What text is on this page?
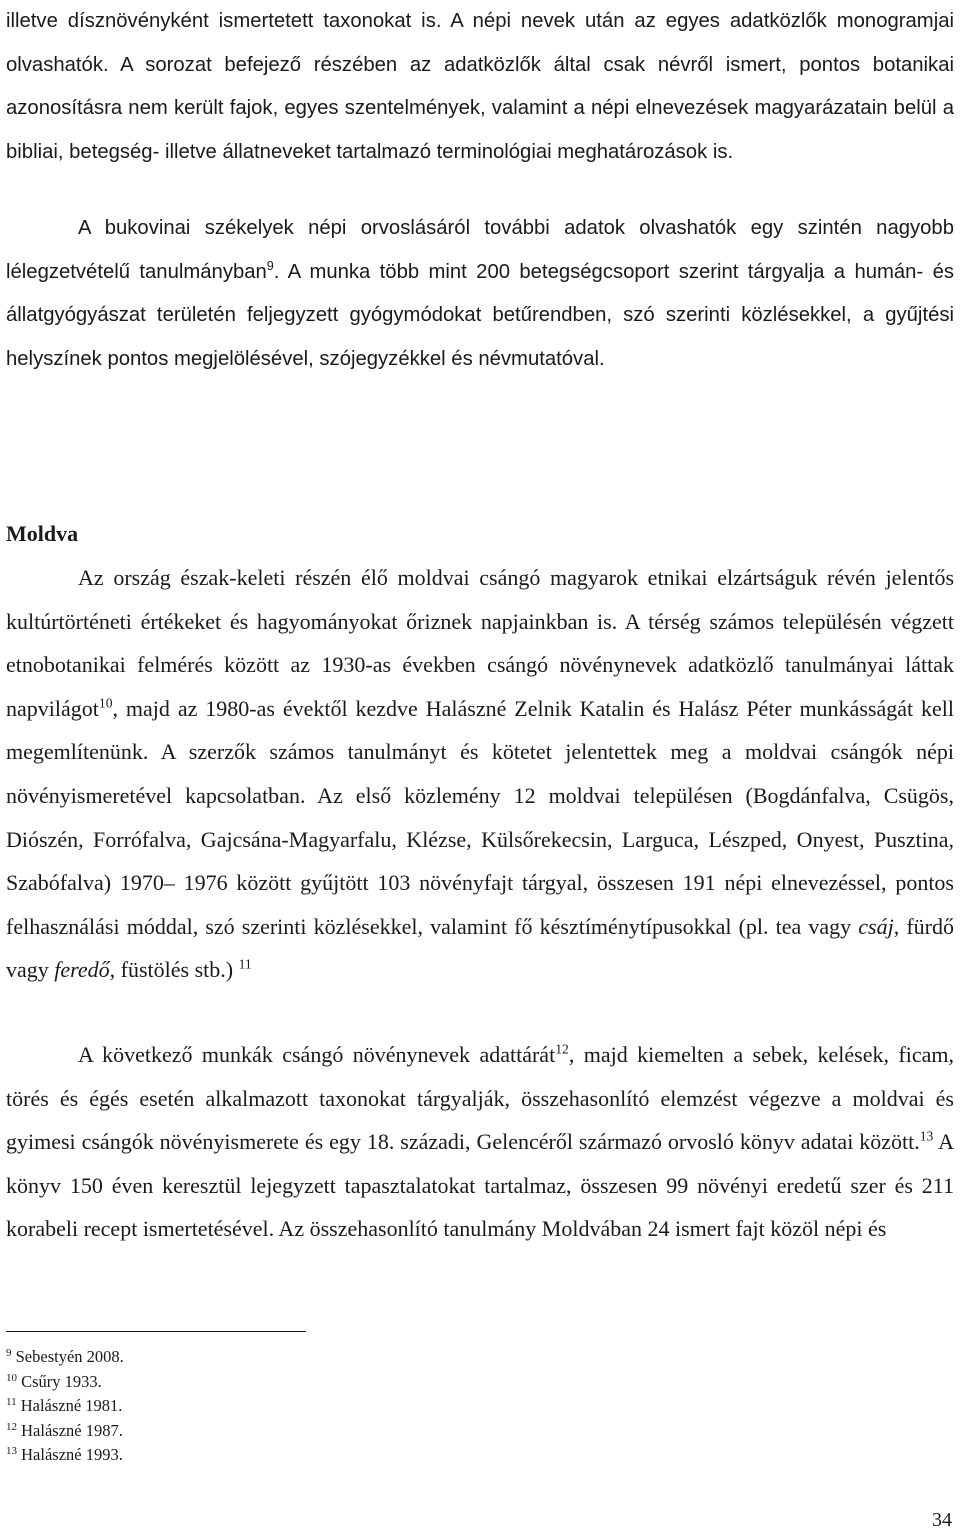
illetve dísznövényként ismertetett taxonokat is. A népi nevek után az egyes adatközlők monogramjai olvashatók. A sorozat befejező részében az adatközlők által csak névről ismert, pontos botanikai azonosításra nem került fajok, egyes szentelmények, valamint a népi elnevezések magyarázatain belül a bibliai, betegség- illetve állatneveket tartalmazó terminológiai meghatározások is.

A bukovinai székelyek népi orvoslásáról további adatok olvashatók egy szintén nagyobb lélegzetvételű tanulmányban$^9$. A munka több mint 200 betegségcsoport szerint tárgyalja a humán- és állatgyógyászat területén feljegyzett gyógymódokat betűrendben, szó szerinti közlésekkel, a gyűjtési helyszínek pontos megjelölésével, szójegyzékkel és névmutatóval.

Moldva

Az ország észak-keleti részén élő moldvai csángó magyarok etnikai elzártságuk révén jelentős kultúrtörténeti értékeket és hagyományokat őriznek napjainkban is. A térség számos településén végzett etnobotanikai felmérés között az 1930-as években csángó növénynevek adatközlő tanulmányai láttak napvilágot$^{10}$, majd az 1980-as évektől kezdve Halászné Zelnik Katalin és Halász Péter munkásságát kell megemlítenünk. A szerzők számos tanulmányt és kötetet jelentettek meg a moldvai csángók népi növényismeretével kapcsolatban. Az első közlemény 12 moldvai településen (Bogdánfalva, Csügös, Diószén, Forrófalva, Gajcsána-Magyarfalu, Klézse, Külsőrekecsin, Larguca, Lészped, Onyest, Pusztina, Szabófalva) 1970– 1976 között gyűjtött 103 növényfajt tárgyal, összesen 191 népi elnevezéssel, pontos felhasználási móddal, szó szerinti közlésekkel, valamint fő késztíménytípusokkal (pl. tea vagy csáj, fürdő vagy feredő, füstölés stb.) $^{11}$

A következő munkák csángó növénynevek adattárát$^{12}$, majd kiemelten a sebek, kelések, ficam, törés és égés esetén alkalmazott taxonokat tárgyalják, összehasonlító elemzést végezve a moldvai és gyimesi csángók növényismerete és egy 18. századi, Gelencéről származó orvosló könyv adatai között.$^{13}$ A könyv 150 éven keresztül lejegyzett tapasztalatokat tartalmaz, összesen 99 növényi eredetű szer és 211 korabeli recept ismertetésével. Az összehasonlító tanulmány Moldvában 24 ismert fajt közöl népi és

$^9$ Sebestyén 2008.
$^{10}$ Csűry 1933.
$^{11}$ Halászné 1981.
$^{12}$ Halászné 1987.
$^{13}$ Halászné 1993.
34
